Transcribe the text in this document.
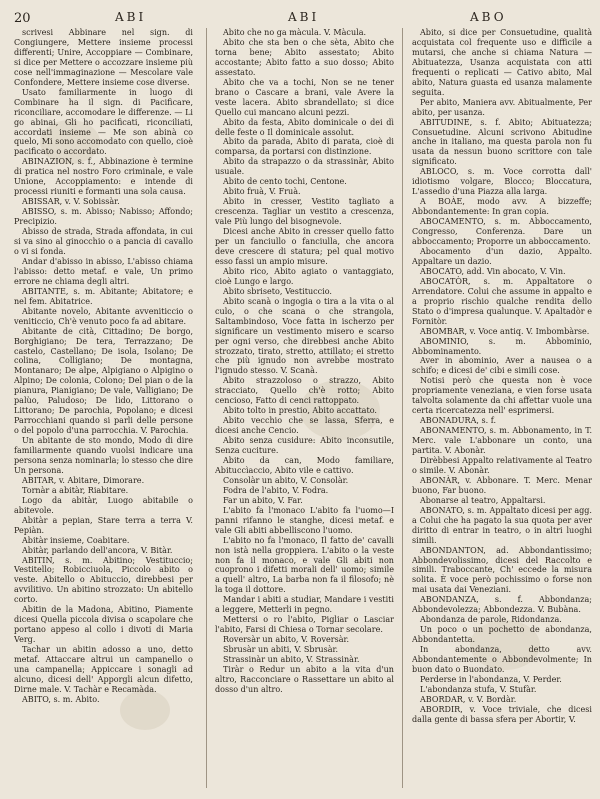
20	ABI	ABI	ABO

scrivesi Abbinare nel sign. di Congiungere, Mettere insieme processi differenti; Unire, Accoppiare — Combinare, si dice per Mettere o accozzare insieme più cose nell'immaginazione — Mescolare vale Confondere, Mettere insieme cose diverse.

Usato familiarmente in luogo di Combinare ha il sign. di Pacificare, riconciliare, accomodare le differenze. — Li go abinai, Gli ho pacificati, riconciliati, accordati insieme — Me son abinà co quelo, Mi sono accomodato con quello, cioè pacificato o accordato.

ABINAZION, s. f., Abbinazione è termine di pratica nel nostro Foro criminale, e vale Unione, Accoppiamento: e intende di processi riuniti e formanti una sola causa.

ABISSAR, v. V. Sobissàr.

ABISSO, s. m. Abisso; Nabisso; Affondo; Precipizio.

Abisso de strada, Strada affondata, in cui si va sino al ginocchio o a pancia di cavallo o vi si fonda.

Andar d'abisso in abisso, L'abisso chiama l'abisso: detto metaf. e vale, Un primo errore ne chiama degli altri.

ABITANTE, s. m. Abitante; Abitatore; e nel fem. Abitatrice.

Abitante novelo, Abitante avveniticcio o veniticcio, Ch'è venuto poco fa ad abitare.

Abitante de cità, Cittadino; De borgo, Borghigiano; De tera, Terrazzano; De castelo, Castellano; De isola, Isolano; De colina, Colligiano; De montagna, Montanaro; De alpe, Alpigiano o Alpigino o Alpino; De colonia, Colono; Del pian o de la pianura, Pianigiano; De vale, Valligiano; De palùo, Paludoso; De lido, Littorano o Littorano; De parochia, Popolano; e dicesi Parrocchiani quando si parli delle persone o del popolo d'una parrocchia. V. Parochia.

Un abitante de sto mondo, Modo di dire familiarmente quando vuolsi indicare una persona senza nominarla; lo stesso che dire Un persona.

ABITAR, v. Abitare, Dimorare.

Tornàr a abitàr, Riabitare.

Logo da abitàr, Luogo abitabile o abitevole.

Abitàr a pepian, Stare terra a terra V. Pepiàn.

Abitàr insieme, Coabitare.

Abitàr, parlando dell'ancora, V. Bitàr.

ABITIN, s. m. Abitino; Vestituccio; Vestitello; Robicciuola, Piccolo abito o veste. Abitello o Abituccio, direbbesi per avvilitivo. Un abitino strozzato: Un abitello corto.

Abitin de la Madona, Abitino, Piamente dicesi Quella piccola divisa o scapolare che portano appeso al collo i divoti di Maria Verg.

Tachar un abitin adosso a uno, detto metaf. Attaccare altrui un campanello o una campanella; Appiccare i sonagli ad alcuno, dicesi dell' Apporgli alcun difetto, Dirne male. V. Tachàr e Recamàda.

ABITO, s. m. Abito.

Abito che no ga màcula. V. Màcula.

Abito che sta ben o che sèta, Abito che torna bene; Abito assestato; Abito accostante; Abito fatto a suo dosso; Abito assestato.

Abito che va a tochi, Non se ne tener brano o Cascare a brani, vale Avere la veste lacera. Abito sbrandellato; si dice Quello cui mancano alcuni pezzi.

Abito da festa, Abito dominicale o dei dì delle feste o Il dominicale assolut.

Abito da parada, Abito di parata, cioè di comparsa, da portarsi con distinzione.

Abito da strapazzo o da strassinàr, Abito usuale.

Abito de cento tochi, Centone.

Abito fruà, V. Fruà.

Abito in cresser, Vestito tagliato a crescenza. Tagliar un vestito a crescenza, vale Più lungo del bisognevole.

Dicesi anche Abito in cresser quello fatto per un fanciullo o fanciulla, che ancora deve crescere di statura; pel qual motivo esso fassi un ampio misure.

Abito rico, Abito agiato o vantaggiato, cioè Lungo e largo.

Abito sbriseto, Vestituccio.

Abito scanà o ingogia o tira a la vita o al culo, o che scana o che strangola, Saltambindoso, Voce fatta in ischerzo per significare un vestimento misero e scarso per ogni verso, che direbbesi anche Abito strozzato, tirato, stretto, attillato; ei stretto che più ignudo non avrebbe mostrato l'ignudo stesso. V. Scanà.

Abito strazzoloso o strazzo, Abito stracciato, Quello ch'è rotto; Abito cencioso, Fatto di cenci rattoppato.

Abito tolto in prestio, Abito accattato.

Abito vecchio che se lassa, Sferra, e dicesi anche Cencio.

Abito senza cusidure: Abito inconsutile, Senza cuciture.

Abito da can, Modo familiare, Abituccìaccio, Abito vile e cattivo.

Consolàr un abito, V. Consolàr.

Fodra de l'abito, V. Fodra.

Far un abito, V. Far.

L'abito fa l'monaco L'abito fa l'uomo—I panni rifanno le stanghe, dicesi metaf. e vale Gli abiti abbelliscono l'uomo.

L'abito no fa l'monaco, Il fatto de' cavalli non istà nella groppiera. L'abito o la veste non fa il monaco, e vale Gli abiti non cuoprono i difetti morali dell' uomo; simile a quell' altro, La barba non fa il filosofo; nè la toga il dottore.

Mandar i abiti a studiar, Mandare i vestiti a leggere, Metterli in pegno.

Mettersi o ro l'abito, Pigliar o Lasciar l'abito, Farsi di Chiesa o Tornar secolare.

Roversàr un abito, V. Roversàr.

Sbrusàr un abiti, V. Sbrusàr.

Strassinàr un abito, V. Strassinàr.

Tiràr o Redur un abito a la vita d'un altro, Racconciare o Rassettare un abito al dosso d'un altro.

Abito, si dice per Consuetudine, qualità acquistata col frequente uso e difficile a mutarsi, che anche si chiama Natura — Abituatezza, Usanza acquistata con atti frequenti o replicati — Cativo abito, Mal abito, Natura guasta ed usanza malamente seguita.

Per abito, Maniera avv. Abitualmente, Per abito, per usanza.

ABITUDINE, s. f. Abito; Abituatezza; Consuetudine. Alcuni scrivono Abitudine anche in italiano, ma questa parola non fu usata da nessun buono scrittore con tale significato.

ABLOCO, s. m. Voce corrotta dall' idiotismo volgare, Blocco; Bloccatura, L'assedio d'una Piazza alla larga.

A BOÀE, modo avv. A bizzeffe; Abbondantemente: In gran copia.

ABOCAMENTO, s. m. Abboccamento, Congresso, Conferenza. Dare un abboccamento; Proporre un abboccamento.

Abocamento d'un dazio, Appalto. Appaltare un dazio.

ABOCATO, add. Vin abocato, V. Vin.

ABOCATÒR, s. m. Appaltatore o Arrendatore. Colui che assume in appalto e a proprio rischio qualche rendita dello Stato o d'impresa qualunque. V. Apaltadòr e Fornitòr.

ABOMBAR, v. Voce antiq. V. Imbombàrse.

ABOMINIO, s. m. Abbominio, Abbominamento.

Aver in abominio, Aver a nausea o a schifo; e dicesi de' cibi e simili cose.

Notisi però che questa non è voce propriamente veneziana, e vien forse usata talvolta solamente da chi affettar vuole una certa ricercatezza nell' esprimersi.

ABONADURA, s. f.

ABONAMENTO, s. m. Abbonamento, in T. Merc. vale L'abbonare un conto, una partita. V. Abonàr.

Dirèbbesi Appalto relativamente al Teatro o simile. V. Abonàr.

ABONÀR, v. Abbonare. T. Merc. Menar buono, Far buono.

Abonarse al teatro, Appaltarsi.

ABONATO, s. m. Appaltato dicesi per agg. a Colui che ha pagato la sua quota per aver diritto di entrar in teatro, o in altri luoghi simili.

ABONDANTON, ad. Abbondantissimo; Abbondevolissimo, dicesi del Raccolto e simili. Traboccante, Ch' eccede la misura solita. È voce però pochissimo o forse non mai usata dai Veneziani.

ABONDANZA, s. f. Abbondanza; Abbondevolezza; Abbondezza. V. Bubàna.

Abondanza de parole, Ridondanza.

Un poco o un pochetto de abondanza, Abbondantetta.

In abondanza, detto avv. Abbondantemente o Abbondevolmente; In buon dato o Buondato.

Perderse in l'abondanza, V. Perder.

L'abondanza stufa, V. Stufàr.

ABORDAR, v. V. Bordàr.

ABORDIR, v. Voce triviale, che dicesi dalla gente di bassa sfera per Abortir, V.
